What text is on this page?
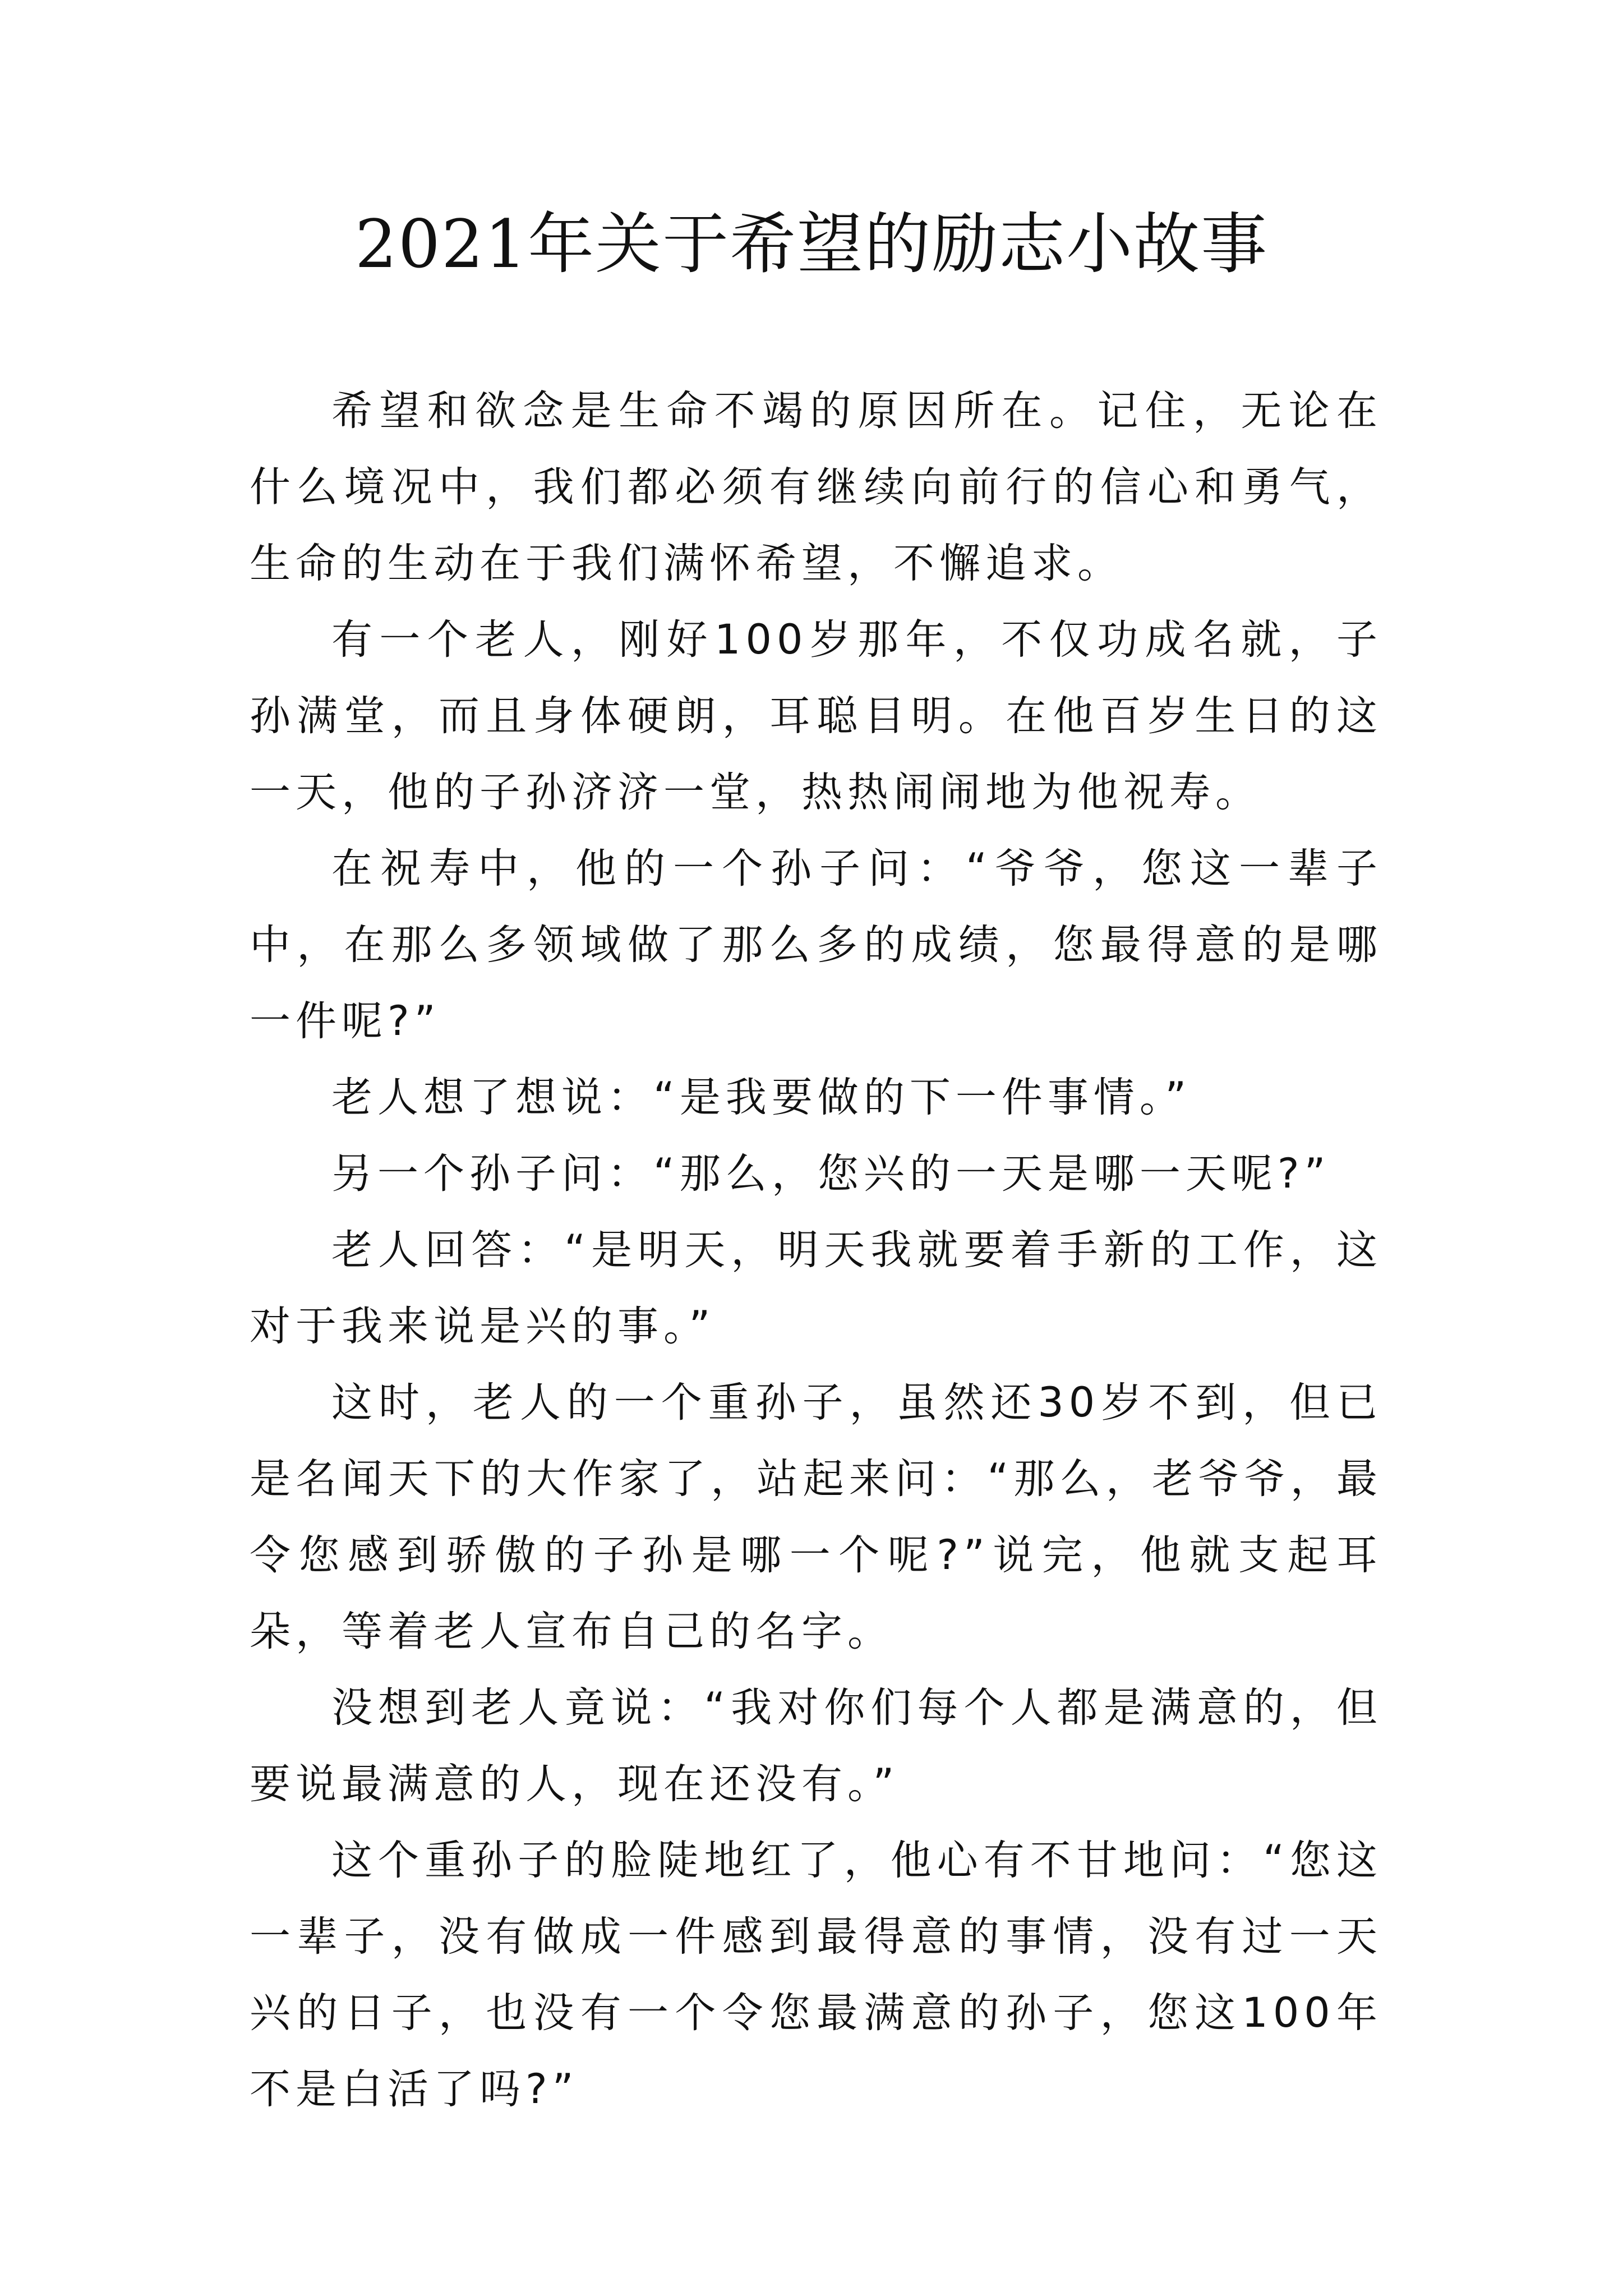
2021年关于希望的励志小故事

希望和欲念是生命不竭的原因所在。记住，无论在什么境况中，我们都必须有继续向前行的信心和勇气，生命的生动在于我们满怀希望，不懈追求。

有一个老人，刚好100岁那年，不仅功成名就，子孙满堂，而且身体硬朗，耳聪目明。在他百岁生日的这一天，他的子孙济济一堂，热热闹闹地为他祝寿。

在祝寿中，他的一个孙子问：“爷爷，您这一辈子中，在那么多领域做了那么多的成绩，您最得意的是哪一件呢?”

老人想了想说：“是我要做的下一件事情。”

另一个孙子问：“那么，您兴的一天是哪一天呢?”

老人回答：“是明天，明天我就要着手新的工作，这对于我来说是兴的事。”

这时，老人的一个重孙子，虽然还30岁不到，但已是名闻天下的大作家了，站起来问：“那么，老爷爷，最令您感到骄傲的子孙是哪一个呢?”说完，他就支起耳朵，等着老人宣布自己的名字。

没想到老人竟说：“我对你们每个人都是满意的，但要说最满意的人，现在还没有。”

这个重孙子的脸陡地红了，他心有不甘地问：“您这一辈子，没有做成一件感到最得意的事情，没有过一天兴的日子，也没有一个令您最满意的孙子，您这100年不是白活了吗?”
